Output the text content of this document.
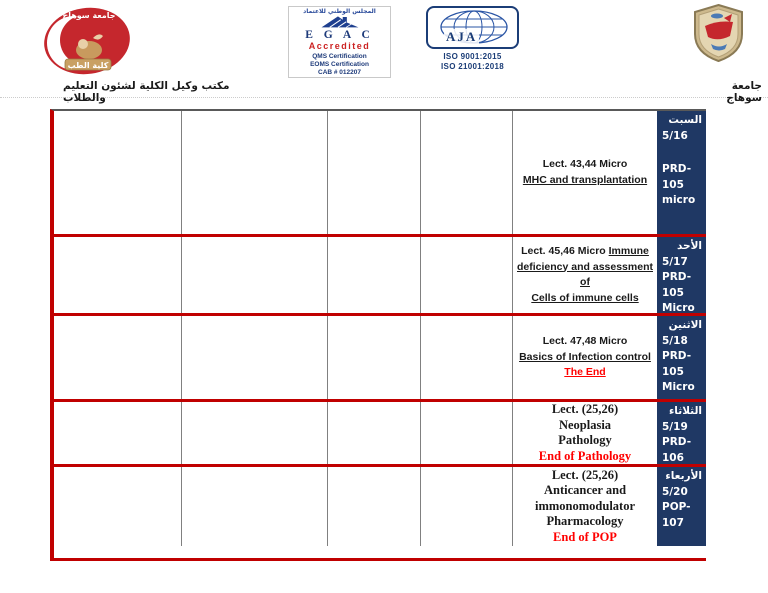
جامعة سوهاج
كلية الطب
المجلس الوطني للاعتماد
E G A C
Accredited
QMS Certification
EOMS Certification
CAB # 012207
AJA
ISO 9001:2015
ISO 21001:2018
مكتب وكيل الكلية لشئون التعليم والطلاب
جامعة سوهاج
Lect. 43,44 Micro
MHC and transplantation
السبت
5/16
PRD-
105
micro
Lect. 45,46 Micro Immune
deficiency and assessment of
Cells of immune cells
الأحد
5/17
PRD-
105
Micro
Lect. 47,48 Micro
Basics of Infection control
The End
الاثنين
5/18
PRD-
105
Micro
Lect. (25,26)
Neoplasia
Pathology
End of Pathology
الثلاثاء
5/19
PRD-
106
Lect. (25,26)
Anticancer and
immonomodulator
Pharmacology
End of POP
الأربعاء
5/20
POP-
107
